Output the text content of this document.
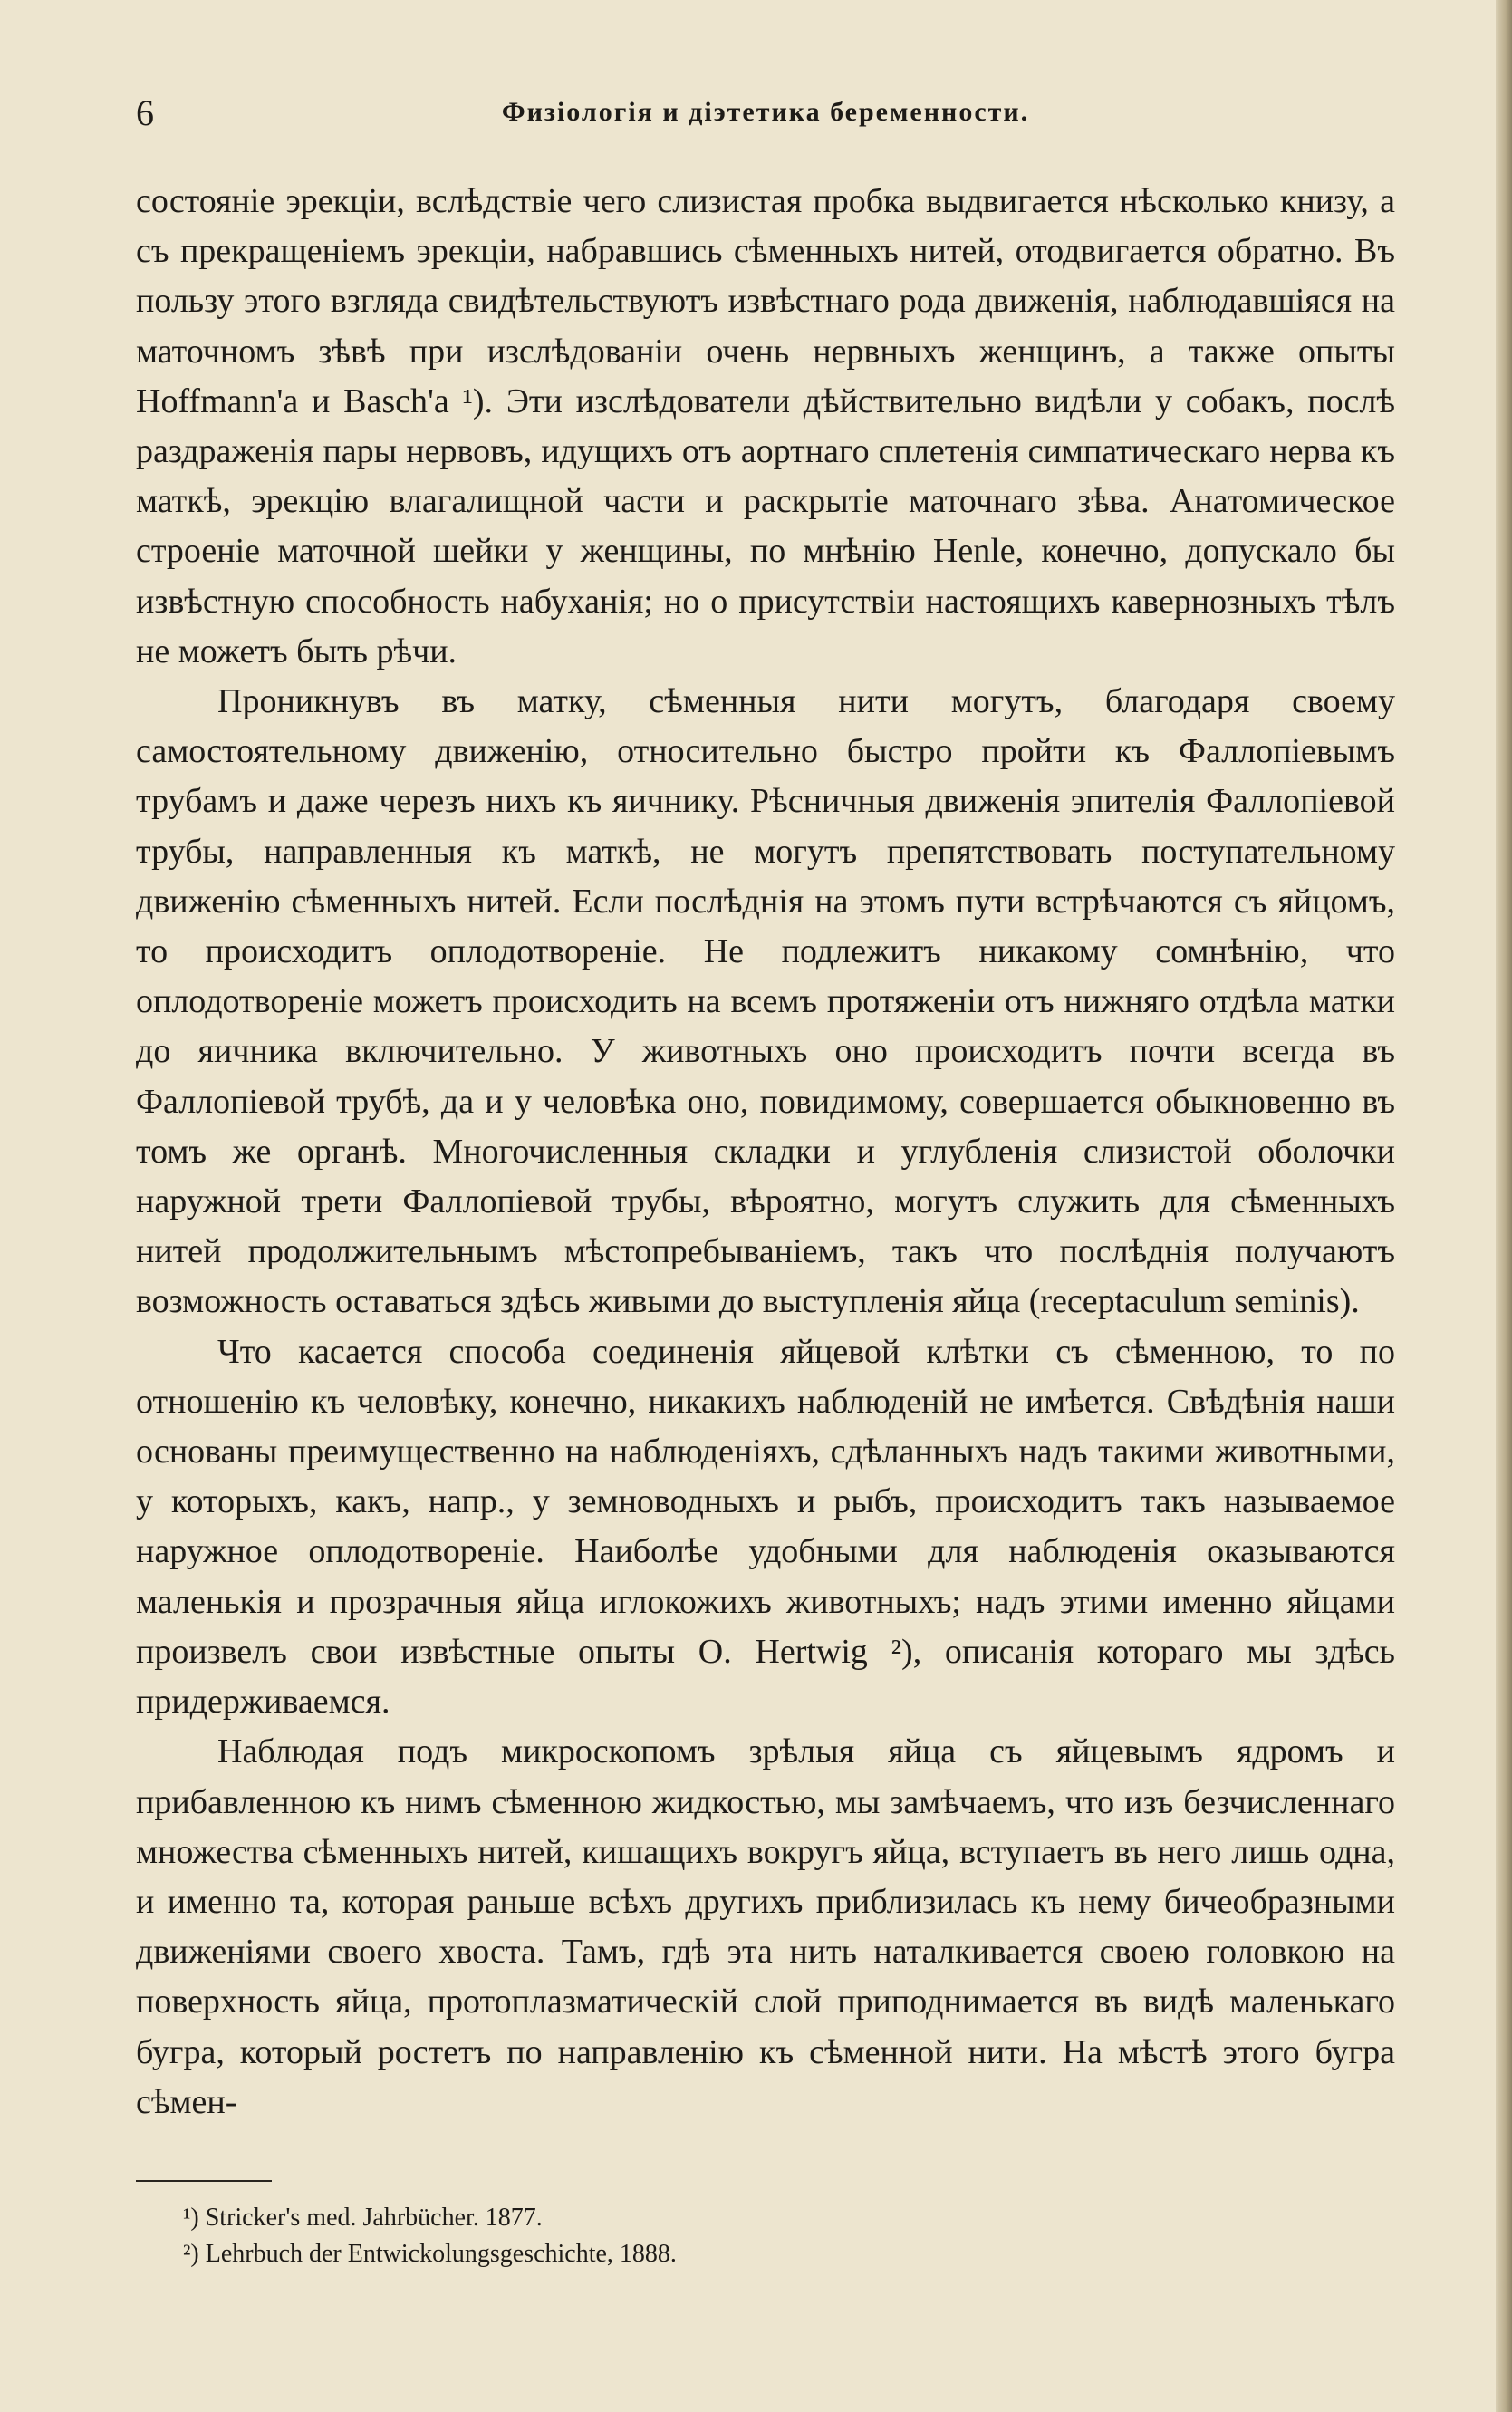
6	Физіологія и діэтетика беременности.

состояніе эрекціи, вслѣдствіе чего слизистая пробка выдвигается нѣсколько книзу, а съ прекращеніемъ эрекціи, набравшись сѣменныхъ нитей, отодвигается обратно. Въ пользу этого взгляда свидѣтельствуютъ извѣстнаго рода движенія, наблюдавшіяся на маточномъ зѣвѣ при изслѣдованіи очень нервныхъ женщинъ, а также опыты Hoffmann'а и Basch'а ¹). Эти изслѣдователи дѣйствительно видѣли у собакъ, послѣ раздраженія пары нервовъ, идущихъ отъ аортнаго сплетенія симпатическаго нерва къ маткѣ, эрекцію влагалищной части и раскрытіе маточнаго зѣва. Анатомическое строеніе маточной шейки у женщины, по мнѣнію Henle, конечно, допускало бы извѣстную способность набуханія; но о присутствіи настоящихъ кавернозныхъ тѣлъ не можетъ быть рѣчи.

Проникнувъ въ матку, сѣменныя нити могутъ, благодаря своему самостоятельному движенію, относительно быстро пройти къ Фаллопіевымъ трубамъ и даже черезъ нихъ къ яичнику. Рѣсничныя движенія эпителія Фаллопіевой трубы, направленныя къ маткѣ, не могутъ препятствовать поступательному движенію сѣменныхъ нитей. Если послѣднія на этомъ пути встрѣчаются съ яйцомъ, то происходитъ оплодотвореніе. Не подлежитъ никакому сомнѣнію, что оплодотвореніе можетъ происходить на всемъ протяженіи отъ нижняго отдѣла матки до яичника включительно. У животныхъ оно происходитъ почти всегда въ Фаллопіевой трубѣ, да и у человѣка оно, повидимому, совершается обыкновенно въ томъ же органѣ. Многочисленныя складки и углубленія слизистой оболочки наружной трети Фаллопіевой трубы, вѣроятно, могутъ служить для сѣменныхъ нитей продолжительнымъ мѣстопребываніемъ, такъ что послѣднія получаютъ возможность оставаться здѣсь живыми до выступленія яйца (receptaculum seminis).

Что касается способа соединенія яйцевой клѣтки съ сѣменною, то по отношенію къ человѣку, конечно, никакихъ наблюденій не имѣется. Свѣдѣнія наши основаны преимущественно на наблюденіяхъ, сдѣланныхъ надъ такими животными, у которыхъ, какъ, напр., у земноводныхъ и рыбъ, происходитъ такъ называемое наружное оплодотвореніе. Наиболѣе удобными для наблюденія оказываются маленькія и прозрачныя яйца иглокожихъ животныхъ; надъ этими именно яйцами произвелъ свои извѣстные опыты O. Hertwig ²), описанія котораго мы здѣсь придерживаемся.

Наблюдая подъ микроскопомъ зрѣлыя яйца съ яйцевымъ ядромъ и прибавленною къ нимъ сѣменною жидкостью, мы замѣчаемъ, что изъ безчисленнаго множества сѣменныхъ нитей, кишащихъ вокругъ яйца, вступаетъ въ него лишь одна, и именно та, которая раньше всѣхъ другихъ приблизилась къ нему бичеобразными движеніями своего хвоста. Тамъ, гдѣ эта нить наталкивается своею головкою на поверхность яйца, протоплазматическій слой приподнимается въ видѣ маленькаго бугра, который ростетъ по направленію къ сѣменной нити. На мѣстѣ этого бугра сѣмен-

¹) Stricker's med. Jahrbücher. 1877.

²) Lehrbuch der Entwickolungsgeschichte, 1888.
